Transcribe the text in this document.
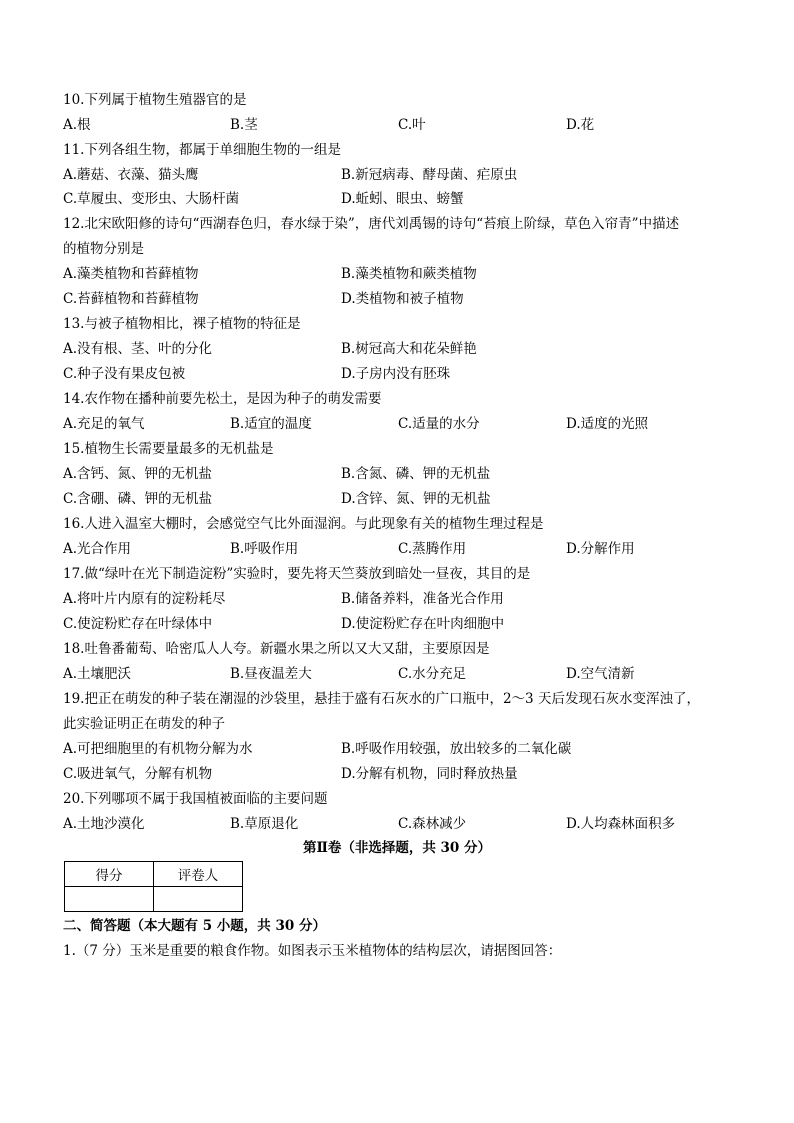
10.下列属于植物生殖器官的是
A.根	B.茎	C.叶	D.花
11.下列各组生物，都属于单细胞生物的一组是
A.蘑菇、衣藻、猫头鹰	B.新冠病毒、酵母菌、疟原虫
C.草履虫、变形虫、大肠杆菌	D.蚯蚓、眼虫、螃蟹
12.北宋欧阳修的诗句“西湖春色归，春水绿于染”，唐代刘禹锡的诗句“苔痕上阶绿，草色入帘青”中描述
的植物分别是
A.藻类植物和苔藓植物	B.藻类植物和蕨类植物
C.苔藓植物和苔藓植物	D.类植物和被子植物
13.与被子植物相比，裸子植物的特征是
A.没有根、茎、叶的分化	B.树冠高大和花朵鲜艳
C.种子没有果皮包被	D.子房内没有胚珠
14.农作物在播种前要先松土，是因为种子的萌发需要
A.充足的氧气	B.适宜的温度	C.适量的水分	D.适度的光照
15.植物生长需要量最多的无机盐是
A.含钙、氮、钾的无机盐	B.含氮、磷、钾的无机盐
C.含硼、磷、钾的无机盐	D.含锌、氮、钾的无机盐
16.人进入温室大棚时，会感觉空气比外面湿润。与此现象有关的植物生理过程是
A.光合作用	B.呼吸作用	C.蒸腾作用	D.分解作用
17.做“绿叶在光下制造淀粉”实验时，要先将天竺葵放到暗处一昼夜，其目的是
A.将叶片内原有的淀粉耗尽	B.储备养料，准备光合作用
C.使淀粉贮存在叶绿体中	D.使淀粉贮存在叶肉细胞中
18.吐鲁番葡萄、哈密瓜人人夸。新疆水果之所以又大又甜，主要原因是
A.土壤肥沃	B.昼夜温差大	C.水分充足	D.空气清新
19.把正在萌发的种子装在潮湿的沙袋里，悬挂于盛有石灰水的广口瓶中，2～3 天后发现石灰水变浑浊了，
此实验证明正在萌发的种子
A.可把细胞里的有机物分解为水	B.呼吸作用较强，放出较多的二氧化碳
C.吸进氧气，分解有机物	D.分解有机物，同时释放热量
20.下列哪项不属于我国植被面临的主要问题
A.土地沙漠化	B.草原退化	C.森林减少	D.人均森林面积多
第Ⅱ卷（非选择题，共 30 分）
得分	评卷人

二、简答题（本大题有 5 小题，共 30 分）
1.（7 分）玉米是重要的粮食作物。如图表示玉米植物体的结构层次，请据图回答：
